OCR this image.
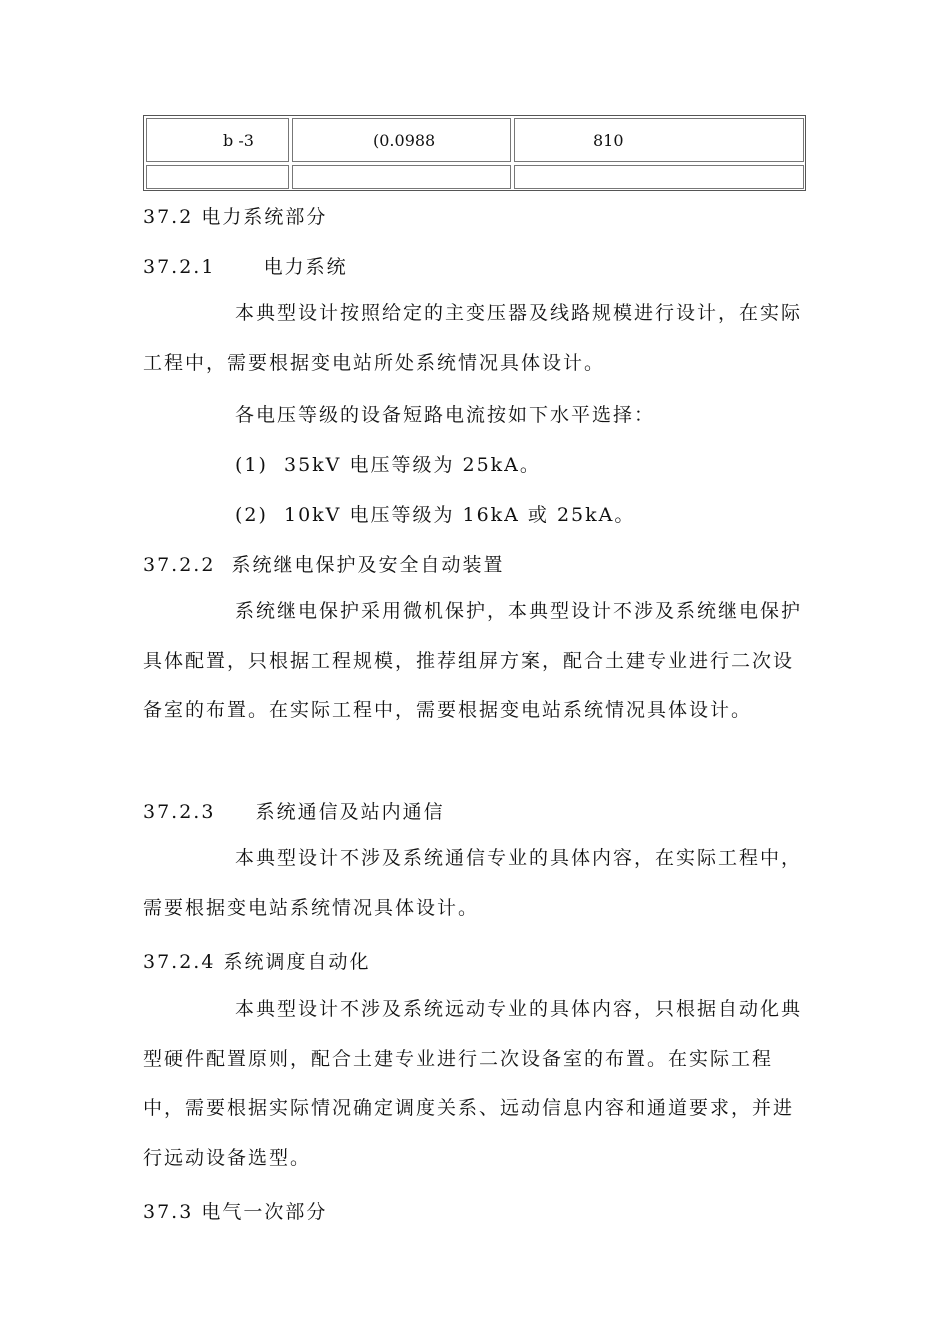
b -3	(0.0988	810
37.2 电力系统部分
37.2.1      电力系统
本典型设计按照给定的主变压器及线路规模进行设计，在实际工程中，需要根据变电站所处系统情况具体设计。
各电压等级的设备短路电流按如下水平选择：
(1)  35kV 电压等级为 25kA。
(2)  10kV 电压等级为 16kA 或 25kA。
37.2.2  系统继电保护及安全自动装置
系统继电保护采用微机保护，本典型设计不涉及系统继电保护具体配置，只根据工程规模，推荐组屏方案，配合土建专业进行二次设备室的布置。在实际工程中，需要根据变电站系统情况具体设计。
37.2.3     系统通信及站内通信
本典型设计不涉及系统通信专业的具体内容，在实际工程中，需要根据变电站系统情况具体设计。
37.2.4 系统调度自动化
本典型设计不涉及系统远动专业的具体内容，只根据自动化典型硬件配置原则，配合土建专业进行二次设备室的布置。在实际工程中，需要根据实际情况确定调度关系、远动信息内容和通道要求，并进行远动设备选型。
37.3 电气一次部分
